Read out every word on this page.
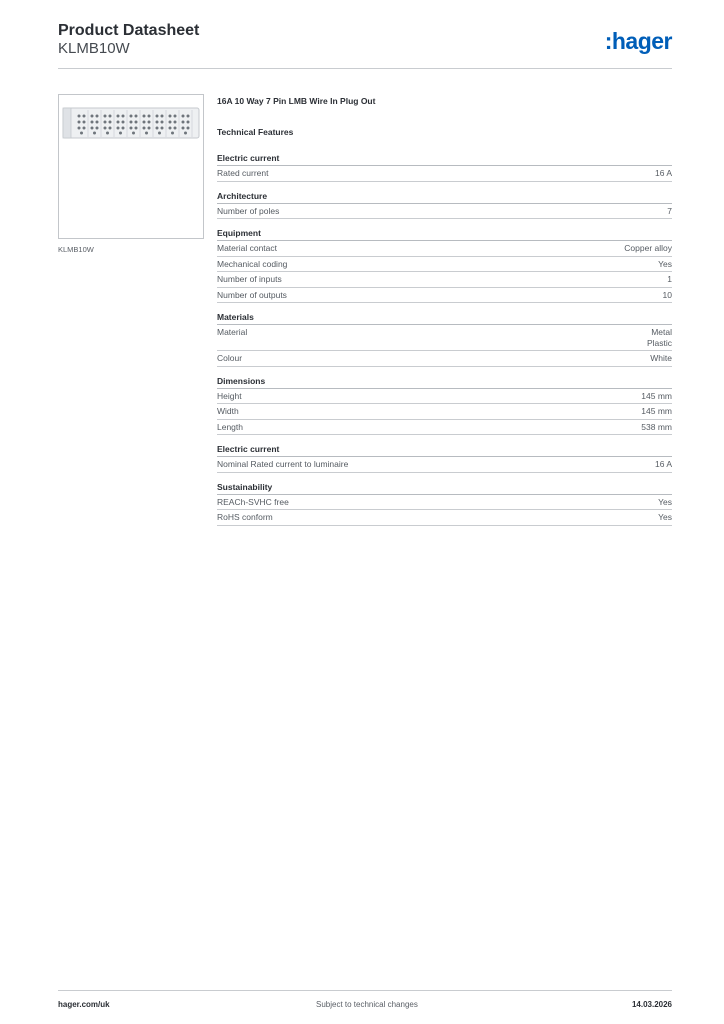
Product Datasheet
KLMB10W	:hager
KLMB10W
16A 10 Way 7 Pin LMB Wire In Plug Out
Technical Features
Electric current
Rated current	16 A
Architecture
Number of poles	7
Equipment
Material contact	Copper alloy
Mechanical coding	Yes
Number of inputs	1
Number of outputs	10
Materials
Material	Metal
Plastic
Colour	White
Dimensions
Height	145 mm
Width	145 mm
Length	538 mm
Electric current
Nominal Rated current to luminaire	16 A
Sustainability
REACh-SVHC free	Yes
RoHS conform	Yes
hager.com/uk	Subject to technical changes	14.03.2026
